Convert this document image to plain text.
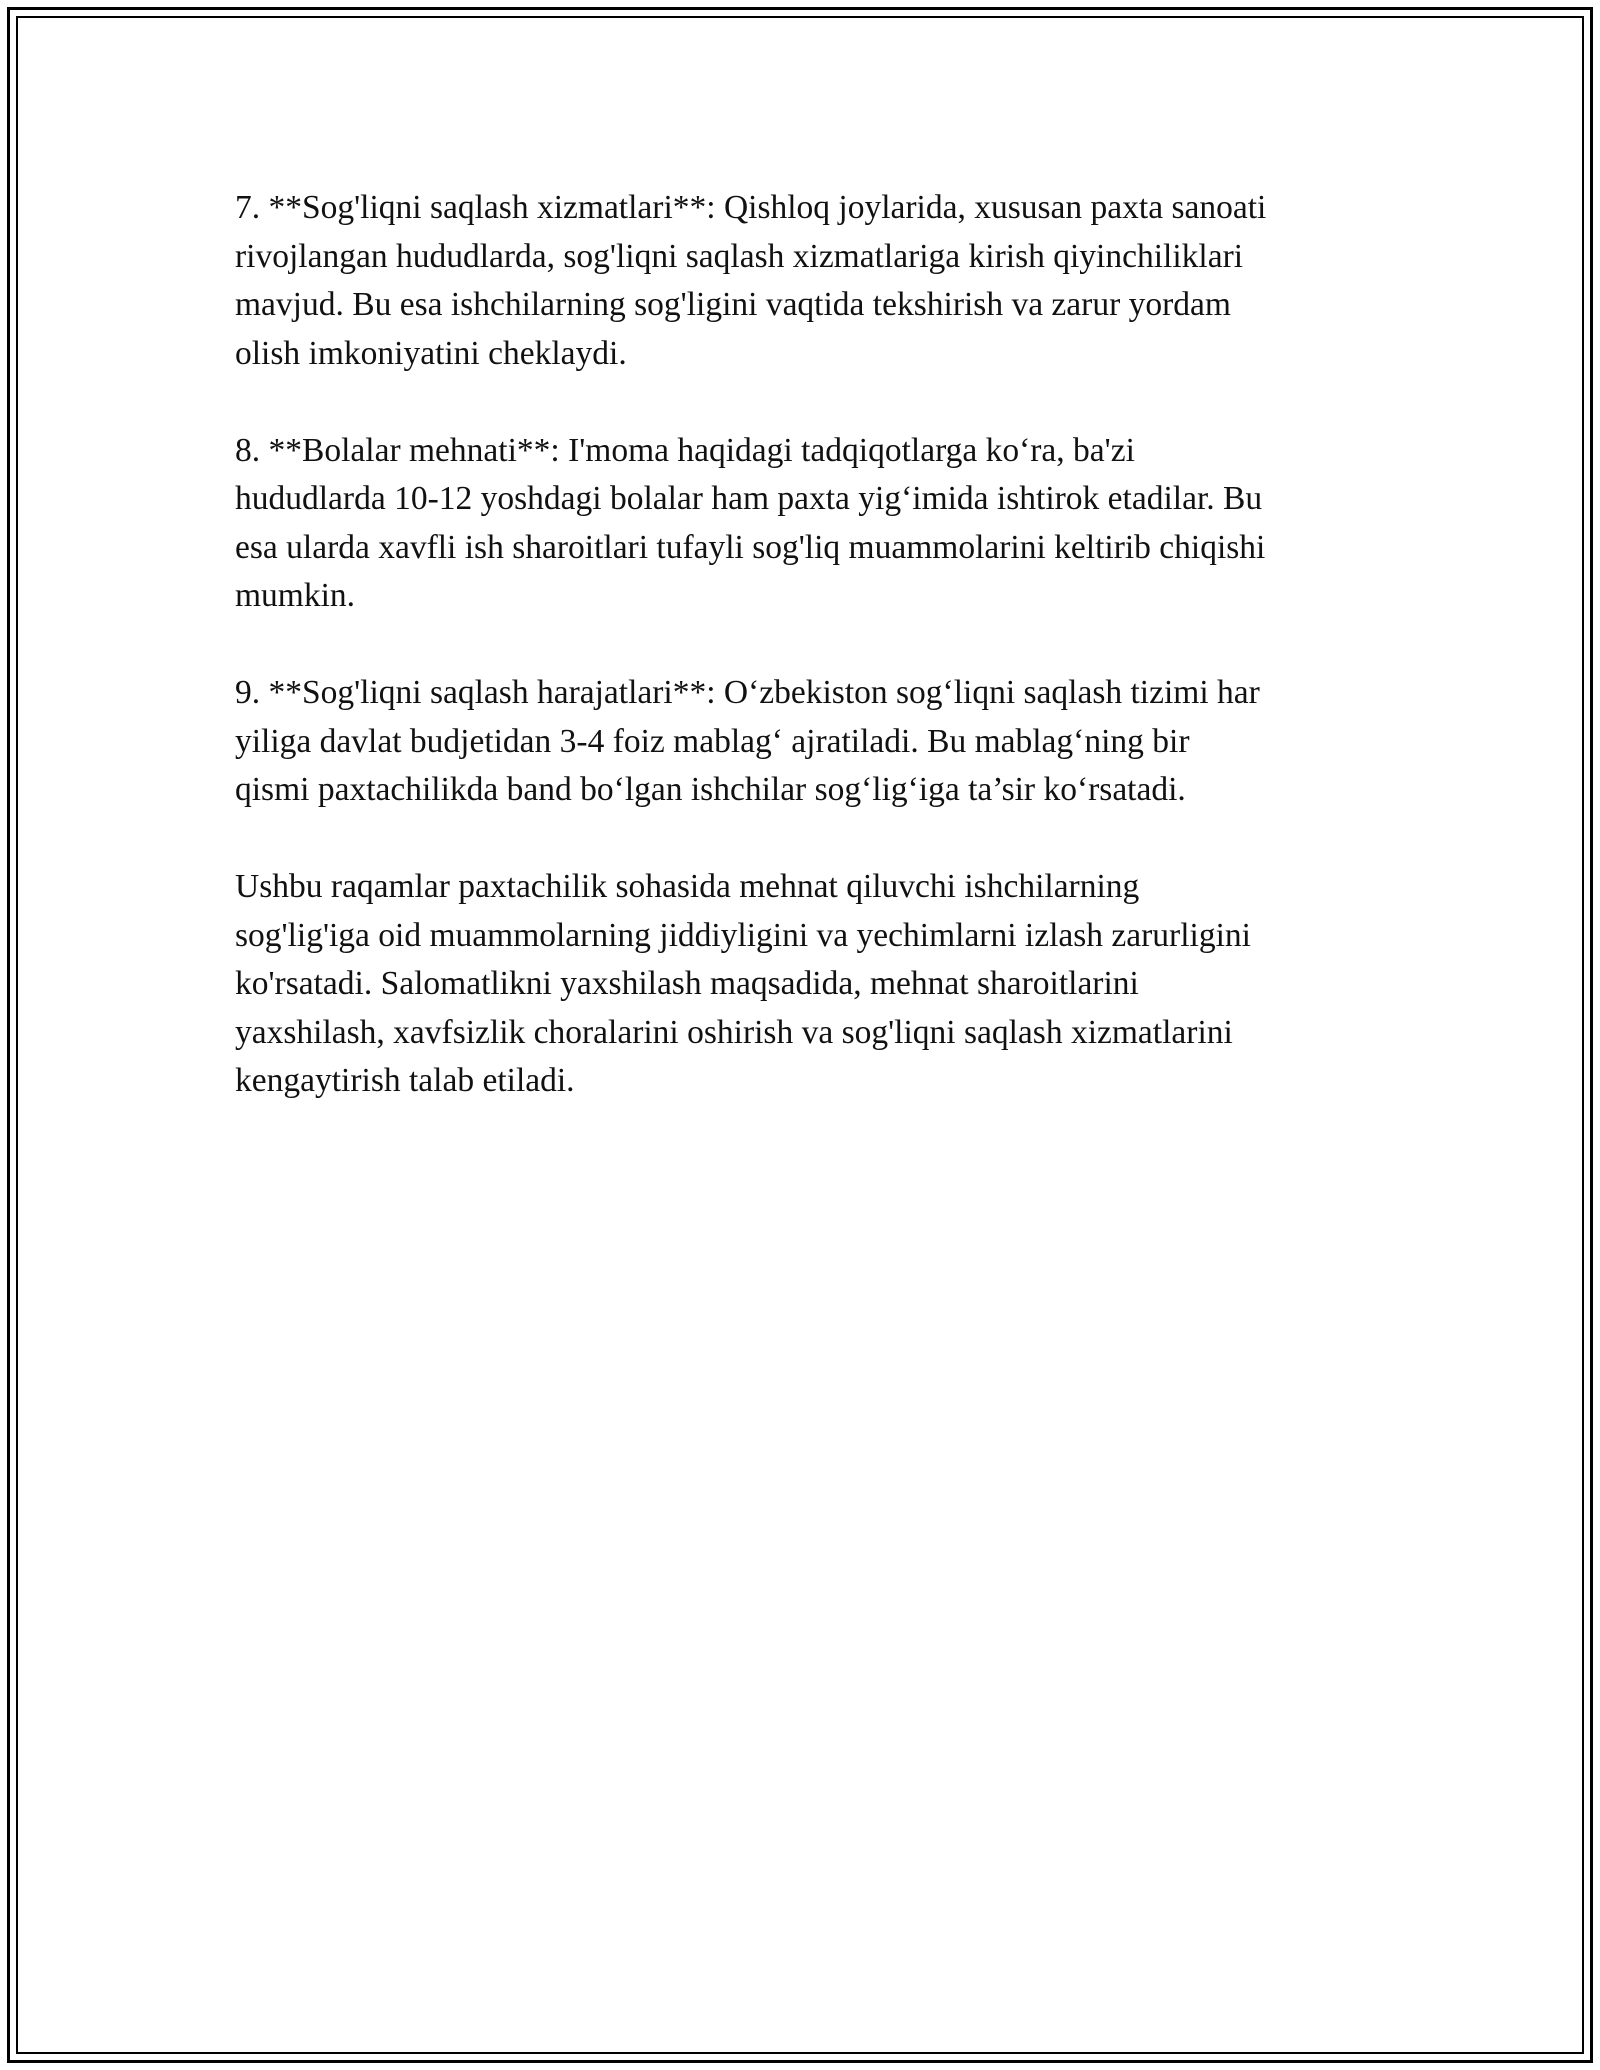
7. **Sog'liqni saqlash xizmatlari**: Qishloq joylarida, xususan paxta sanoati
rivojlangan hududlarda, sog'liqni saqlash xizmatlariga kirish qiyinchiliklari
mavjud. Bu esa ishchilarning sog'ligini vaqtida tekshirish va zarur yordam
olish imkoniyatini cheklaydi.

8. **Bolalar mehnati**: I'moma haqidagi tadqiqotlarga ko‘ra, ba'zi
hududlarda 10-12 yoshdagi bolalar ham paxta yig‘imida ishtirok etadilar. Bu
esa ularda xavfli ish sharoitlari tufayli sog'liq muammolarini keltirib chiqishi
mumkin.

9. **Sog'liqni saqlash harajatlari**: O‘zbekiston sog‘liqni saqlash tizimi har
yiliga davlat budjetidan 3-4 foiz mablag‘ ajratiladi. Bu mablag‘ning bir
qismi paxtachilikda band bo‘lgan ishchilar sog‘lig‘iga ta’sir ko‘rsatadi.

Ushbu raqamlar paxtachilik sohasida mehnat qiluvchi ishchilarning
sog'lig'iga oid muammolarning jiddiyligini va yechimlarni izlash zarurligini
ko'rsatadi. Salomatlikni yaxshilash maqsadida, mehnat sharoitlarini
yaxshilash, xavfsizlik choralarini oshirish va sog'liqni saqlash xizmatlarini
kengaytirish talab etiladi.
